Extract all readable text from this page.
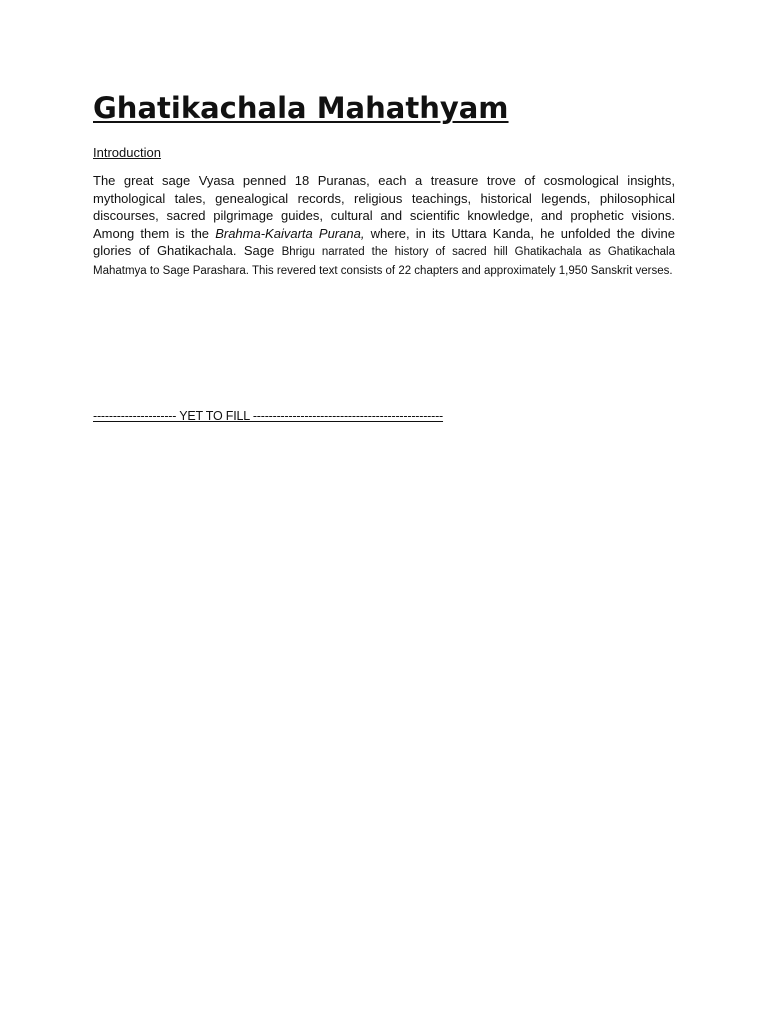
Ghatikachala Mahathyam
Introduction

The great sage Vyasa penned 18 Puranas, each a treasure trove of cosmological insights, mythological tales, genealogical records, religious teachings, historical legends, philosophical discourses, sacred pilgrimage guides, cultural and scientific knowledge, and prophetic visions. Among them is the Brahma-Kaivarta Purana, where, in its Uttara Kanda, he unfolded the divine glories of Ghatikachala. Sage Bhrigu narrated the history of sacred hill Ghatikachala as Ghatikachala Mahatmya to Sage Parashara. This revered text consists of 22 chapters and approximately 1,950 Sanskrit verses.

--------------------- YET TO FILL ------------------------------------------------
